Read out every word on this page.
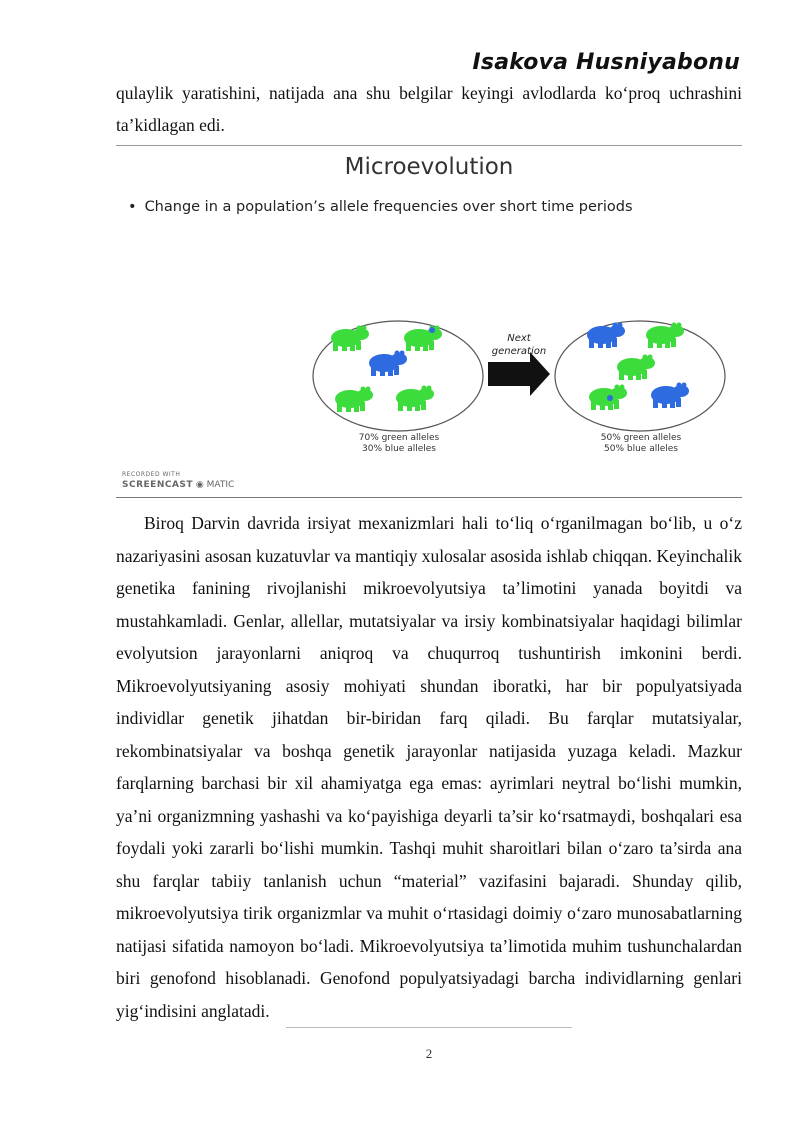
Isakova Husniyabonu

qulaylik yaratishini, natijada ana shu belgilar keyingi avlodlarda ko‘proq uchrashini ta’kidlagan edi.

Microevolution
• Change in a population’s allele frequencies over short time periods
Next
generation
70% green alleles
30% blue alleles
50% green alleles
50% blue alleles
RECORDED WITH
SCREENCAST ◉ MATIC

Biroq Darvin davrida irsiyat mexanizmlari hali to‘liq o‘rganilmagan bo‘lib, u o‘z nazariyasini asosan kuzatuvlar va mantiqiy xulosalar asosida ishlab chiqqan. Keyinchalik genetika fanining rivojlanishi mikroevolyutsiya ta’limotini yanada boyitdi va mustahkamladi. Genlar, allellar, mutatsiyalar va irsiy kombinatsiyalar haqidagi bilimlar evolyutsion jarayonlarni aniqroq va chuqurroq tushuntirish imkonini berdi. Mikroevolyutsiyaning asosiy mohiyati shundan iboratki, har bir populyatsiyada individlar genetik jihatdan bir-biridan farq qiladi. Bu farqlar mutatsiyalar, rekombinatsiyalar va boshqa genetik jarayonlar natijasida yuzaga keladi. Mazkur farqlarning barchasi bir xil ahamiyatga ega emas: ayrimlari neytral bo‘lishi mumkin, ya’ni organizmning yashashi va ko‘payishiga deyarli ta’sir ko‘rsatmaydi, boshqalari esa foydali yoki zararli bo‘lishi mumkin. Tashqi muhit sharoitlari bilan o‘zaro ta’sirda ana shu farqlar tabiiy tanlanish uchun “material” vazifasini bajaradi. Shunday qilib, mikroevolyutsiya tirik organizmlar va muhit o‘rtasidagi doimiy o‘zaro munosabatlarning natijasi sifatida namoyon bo‘ladi. Mikroevolyutsiya ta’limotida muhim tushunchalardan biri genofond hisoblanadi. Genofond populyatsiyadagi barcha individlarning genlari yig‘indisini anglatadi.

2
